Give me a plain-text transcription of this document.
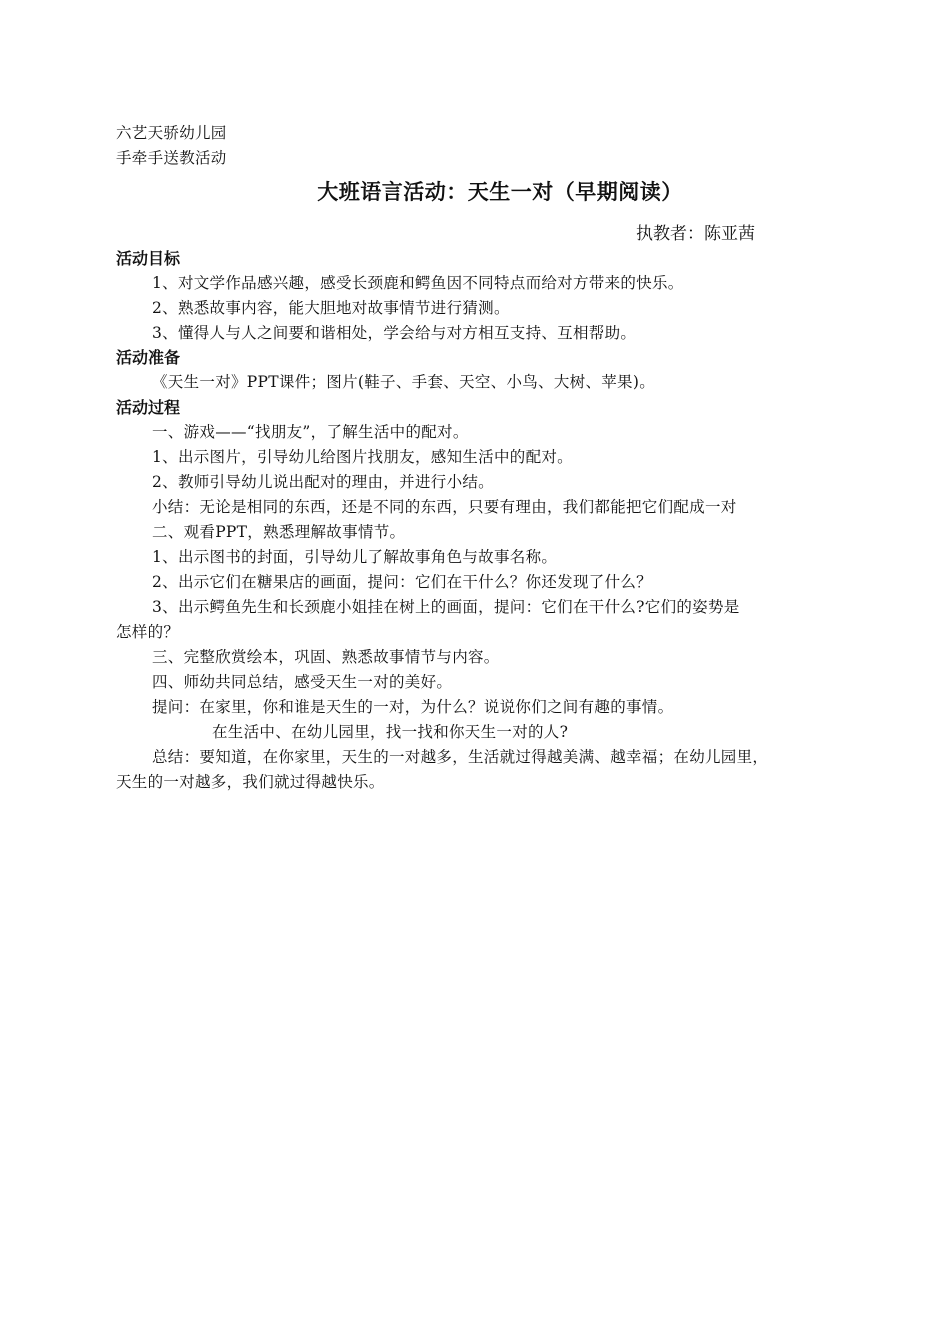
六艺天骄幼儿园
手牵手送教活动
大班语言活动：天生一对（早期阅读）
执教者：陈亚茜
活动目标
1、对文学作品感兴趣，感受长颈鹿和鳄鱼因不同特点而给对方带来的快乐。
2、熟悉故事内容，能大胆地对故事情节进行猜测。
3、懂得人与人之间要和谐相处，学会给与对方相互支持、互相帮助。
活动准备
《天生一对》PPT课件；图片(鞋子、手套、天空、小鸟、大树、苹果)。
活动过程
一、游戏——“找朋友”，了解生活中的配对。
1、出示图片，引导幼儿给图片找朋友，感知生活中的配对。
2、教师引导幼儿说出配对的理由，并进行小结。
小结：无论是相同的东西，还是不同的东西，只要有理由，我们都能把它们配成一对
二、观看PPT，熟悉理解故事情节。
1、出示图书的封面，引导幼儿了解故事角色与故事名称。
2、出示它们在糖果店的画面，提问：它们在干什么？你还发现了什么？
3、出示鳄鱼先生和长颈鹿小姐挂在树上的画面，提问：它们在干什么?它们的姿势是
怎样的？
三、完整欣赏绘本，巩固、熟悉故事情节与内容。
四、师幼共同总结，感受天生一对的美好。
提问：在家里，你和谁是天生的一对，为什么？说说你们之间有趣的事情。
在生活中、在幼儿园里，找一找和你天生一对的人?
总结：要知道，在你家里，天生的一对越多，生活就过得越美满、越幸福；在幼儿园里，
天生的一对越多，我们就过得越快乐。
